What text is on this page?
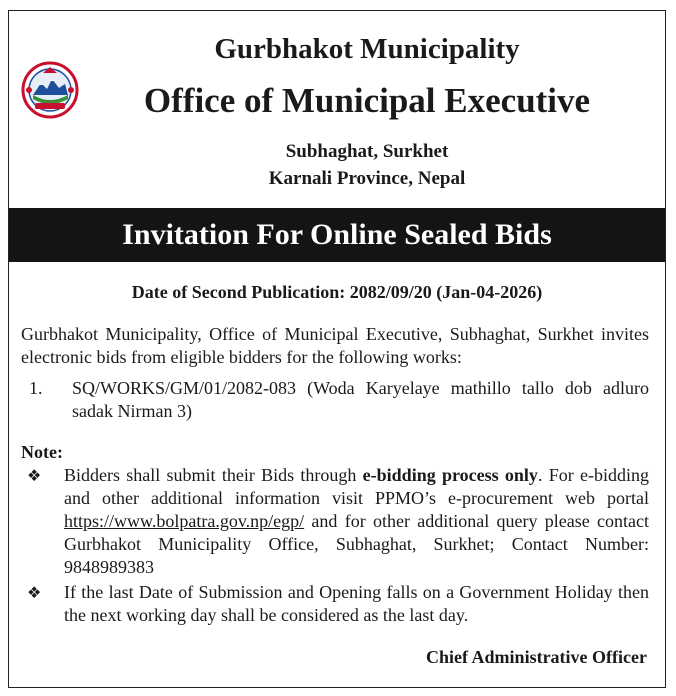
Gurbhakot Municipality
Office of Municipal Executive
Subhaghat, Surkhet
Karnali Province, Nepal
Invitation For Online Sealed Bids
Date of Second Publication: 2082/09/20 (Jan-04-2026)
Gurbhakot Municipality, Office of Municipal Executive, Subhaghat, Surkhet invites electronic bids from eligible bidders for the following works:
1. SQ/WORKS/GM/01/2082-083 (Woda Karyelaye mathillo tallo dob adluro sadak Nirman 3)
Note:
❖ Bidders shall submit their Bids through e-bidding process only. For e-bidding and other additional information visit PPMO’s e-procurement web portal https://www.bolpatra.gov.np/egp/ and for other additional query please contact Gurbhakot Municipality Office, Subhaghat, Surkhet; Contact Number: 9848989383
❖ If the last Date of Submission and Opening falls on a Government Holiday then the next working day shall be considered as the last day.
Chief Administrative Officer
